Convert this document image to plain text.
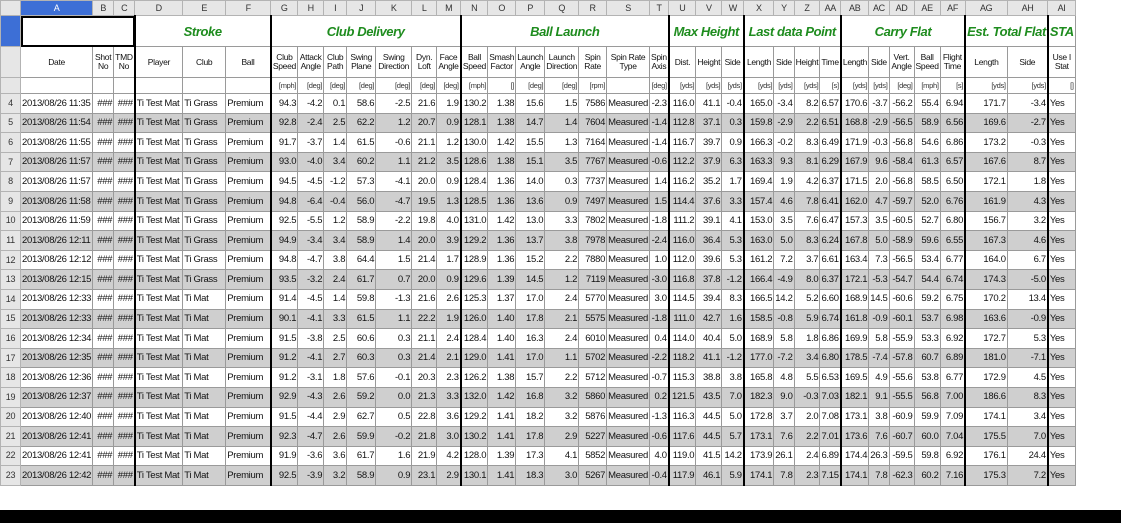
	A	B	C	D	E	F	G	H	I	J	K	L	M	N	O	P	Q	R	S	T	U	V	W	X	Y	Z	AA	AB	AC	AD	AE	AF	AG	AH	AI
				Stroke			Club Delivery							Ball Launch							Max Height			Last data Point				Carry Flat					Est. Total Flat		STA
	Date	Shot No	TMD No	Player	Club	Ball	Club Speed	Attack Angle	Club Path	Swing Plane	Swing Direction	Dyn. Loft	Face Angle	Ball Speed	Smash Factor	Launch Angle	Launch Direction	Spin Rate	Spin Rate Type	Spin Axis	Dist.	Height	Side	Length	Side	Height	Time	Length	Side	Vert. Angle	Ball Speed	Flight Time	Length	Side	Use I Stat
							[mph]	[deg]	[deg]	[deg]	[deg]	[deg]	[deg]	[mph]	[]	[deg]	[deg]	[rpm]		[deg]	[yds]	[yds]	[yds]	[yds]	[yds]	[yds]	[s]	[yds]	[yds]	[deg]	[mph]	[s]	[yds]	[yds]	[]
4	2013/08/26 11:35	###	###	Ti Test Mat	Ti Grass	Premium	94.3	-4.2	0.1	58.6	-2.5	21.6	1.9	130.2	1.38	15.6	1.5	7586	Measured	-2.3	116.0	41.1	-0.4	165.0	-3.4	8.2	6.57	170.6	-3.7	-56.2	55.4	6.94	171.7	-3.4	Yes
5	2013/08/26 11:54	###	###	Ti Test Mat	Ti Grass	Premium	92.8	-2.4	2.5	62.2	1.2	20.7	0.9	128.1	1.38	14.7	1.4	7604	Measured	-1.4	112.8	37.1	0.3	159.8	-2.9	2.2	6.51	168.8	-2.9	-56.5	58.9	6.56	169.6	-2.7	Yes
6	2013/08/26 11:55	###	###	Ti Test Mat	Ti Grass	Premium	91.7	-3.7	1.4	61.5	-0.6	21.1	1.2	130.0	1.42	15.5	1.3	7164	Measured	-1.4	116.7	39.7	0.9	166.3	-0.2	8.3	6.49	171.9	-0.3	-56.8	54.6	6.86	173.2	-0.3	Yes
7	2013/08/26 11:57	###	###	Ti Test Mat	Ti Grass	Premium	93.0	-4.0	3.4	60.2	1.1	21.2	3.5	128.6	1.38	15.1	3.5	7767	Measured	-0.6	112.2	37.9	6.3	163.3	9.3	8.1	6.29	167.9	9.6	-58.4	61.3	6.57	167.6	8.7	Yes
8	2013/08/26 11:57	###	###	Ti Test Mat	Ti Grass	Premium	94.5	-4.5	-1.2	57.3	-4.1	20.0	0.9	128.4	1.36	14.0	0.3	7737	Measured	1.4	116.2	35.2	1.7	169.4	1.9	4.2	6.37	171.5	2.0	-56.8	58.5	6.50	172.1	1.8	Yes
9	2013/08/26 11:58	###	###	Ti Test Mat	Ti Grass	Premium	94.8	-6.4	-0.4	56.0	-4.7	19.5	1.3	128.5	1.36	13.6	0.9	7497	Measured	1.5	114.4	37.6	3.3	157.4	4.6	7.8	6.41	162.0	4.7	-59.7	52.0	6.76	161.9	4.3	Yes
10	2013/08/26 11:59	###	###	Ti Test Mat	Ti Grass	Premium	92.5	-5.5	1.2	58.9	-2.2	19.8	4.0	131.0	1.42	13.0	3.3	7802	Measured	-1.8	111.2	39.1	4.1	153.0	3.5	7.6	6.47	157.3	3.5	-60.5	52.7	6.80	156.7	3.2	Yes
11	2013/08/26 12:11	###	###	Ti Test Mat	Ti Grass	Premium	94.9	-3.4	3.4	58.9	1.4	20.0	3.9	129.2	1.36	13.7	3.8	7978	Measured	-2.4	116.0	36.4	5.3	163.0	5.0	8.3	6.24	167.8	5.0	-58.9	59.6	6.55	167.3	4.6	Yes
12	2013/08/26 12:12	###	###	Ti Test Mat	Ti Grass	Premium	94.8	-4.7	3.8	64.4	1.5	21.4	1.7	128.9	1.36	15.2	2.2	7880	Measured	1.0	112.0	39.6	5.3	161.2	7.2	3.7	6.61	163.4	7.3	-56.5	53.4	6.77	164.0	6.7	Yes
13	2013/08/26 12:15	###	###	Ti Test Mat	Ti Grass	Premium	93.5	-3.2	2.4	61.7	0.7	20.0	0.9	129.6	1.39	14.5	1.2	7119	Measured	-3.0	116.8	37.8	-1.2	166.4	-4.9	8.0	6.37	172.1	-5.3	-54.7	54.4	6.74	174.3	-5.0	Yes
14	2013/08/26 12:33	###	###	Ti Test Mat	Ti Mat	Premium	91.4	-4.5	1.4	59.8	-1.3	21.6	2.6	125.3	1.37	17.0	2.4	5770	Measured	3.0	114.5	39.4	8.3	166.5	14.2	5.2	6.60	168.9	14.5	-60.6	59.2	6.75	170.2	13.4	Yes
15	2013/08/26 12:33	###	###	Ti Test Mat	Ti Mat	Premium	90.1	-4.1	3.3	61.5	1.1	22.2	1.9	126.0	1.40	17.8	2.1	5575	Measured	-1.8	111.0	42.7	1.6	158.5	-0.8	5.9	6.74	161.8	-0.9	-60.1	53.7	6.98	163.6	-0.9	Yes
16	2013/08/26 12:34	###	###	Ti Test Mat	Ti Mat	Premium	91.5	-3.8	2.5	60.6	0.3	21.1	2.4	128.4	1.40	16.3	2.4	6010	Measured	0.4	114.0	40.4	5.0	168.9	5.8	1.8	6.86	169.9	5.8	-55.9	53.3	6.92	172.7	5.3	Yes
17	2013/08/26 12:35	###	###	Ti Test Mat	Ti Mat	Premium	91.2	-4.1	2.7	60.3	0.3	21.4	2.1	129.0	1.41	17.0	1.1	5702	Measured	-2.2	118.2	41.1	-1.2	177.0	-7.2	3.4	6.80	178.5	-7.4	-57.8	60.7	6.89	181.0	-7.1	Yes
18	2013/08/26 12:36	###	###	Ti Test Mat	Ti Mat	Premium	91.2	-3.1	1.8	57.6	-0.1	20.3	2.3	126.2	1.38	15.7	2.2	5712	Measured	-0.7	115.3	38.8	3.8	165.8	4.8	5.5	6.53	169.5	4.9	-55.6	53.8	6.77	172.9	4.5	Yes
19	2013/08/26 12:37	###	###	Ti Test Mat	Ti Mat	Premium	92.9	-4.3	2.6	59.2	0.0	21.3	3.3	132.0	1.42	16.8	3.2	5860	Measured	0.2	121.5	43.5	7.0	182.3	9.0	-0.3	7.03	182.1	9.1	-55.5	56.8	7.00	186.6	8.3	Yes
20	2013/08/26 12:40	###	###	Ti Test Mat	Ti Mat	Premium	91.5	-4.4	2.9	62.7	0.5	22.8	3.6	129.2	1.41	18.2	3.2	5876	Measured	-1.3	116.3	44.5	5.0	172.8	3.7	2.0	7.08	173.1	3.8	-60.9	59.9	7.09	174.1	3.4	Yes
21	2013/08/26 12:41	###	###	Ti Test Mat	Ti Mat	Premium	92.3	-4.7	2.6	59.9	-0.2	21.8	3.0	130.2	1.41	17.8	2.9	5227	Measured	-0.6	117.6	44.5	5.7	173.1	7.6	2.2	7.01	173.6	7.6	-60.7	60.0	7.04	175.5	7.0	Yes
22	2013/08/26 12:41	###	###	Ti Test Mat	Ti Mat	Premium	91.9	-3.6	3.6	61.7	1.6	21.9	4.2	128.0	1.39	17.3	4.1	5852	Measured	4.0	119.0	41.5	14.2	173.9	26.1	2.4	6.89	174.4	26.3	-59.5	59.8	6.92	176.1	24.4	Yes
23	2013/08/26 12:42	###	###	Ti Test Mat	Ti Mat	Premium	92.5	-3.9	3.2	58.9	0.9	23.1	2.9	130.1	1.41	18.3	3.0	5267	Measured	-0.4	117.9	46.1	5.9	174.1	7.8	2.3	7.15	174.1	7.8	-62.3	60.2	7.16	175.3	7.2	Yes
